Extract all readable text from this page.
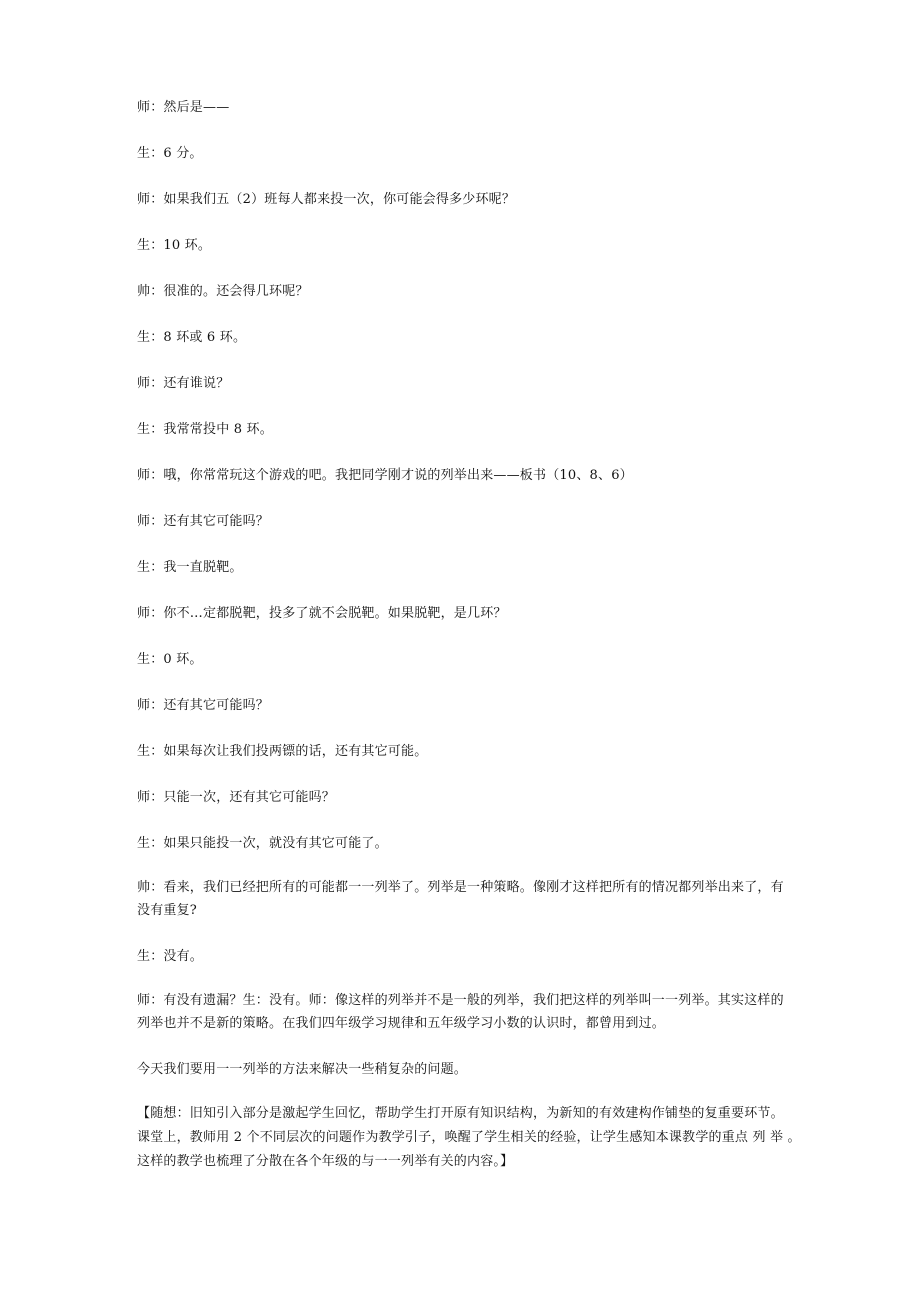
师：然后是——
生：6 分。
师：如果我们五（2）班每人都来投一次，你可能会得多少环呢？
生：10 环。
帅：很准的。还会得几环呢？
生：8 环或 6 环。
师：还有谁说？
生：我常常投中 8 环。
师：哦，你常常玩这个游戏的吧。我把同学刚才说的列举出来——板书（10、8、6）
师：还有其它可能吗？
生：我一直脱靶。
师：你不…定都脱靶，投多了就不会脱靶。如果脱靶，是几环？
生：0 环。
师：还有其它可能吗？
生：如果每次让我们投两镖的话，还有其它可能。
师：只能一次，还有其它可能吗？
生：如果只能投一次，就没有其它可能了。
帅：看来，我们已经把所有的可能都一一列举了。列举是一种策略。像刚才这样把所有的情况都列举出来了，有
没有重复?
生：没有。
师：有没有遗漏？生：没有。师：像这样的列举并不是一般的列举，我们把这样的列举叫一一列举。其实这样的
列举也并不是新的策略。在我们四年级学习规律和五年级学习小数的认识时，都曾用到过。
今天我们要用一一列举的方法来解决一些稍复杂的问题。
【随想：旧知引入部分是激起学生回忆，帮助学生打开原有知识结构，为新知的有效建构作铺垫的复重要环节。
课堂上，教师用 2 个不同层次的问题作为教学引子，唤醒了学生相关的经验，让学生感知本课教学的重点 列 举 。
这样的教学也梳理了分散在各个年级的与一一列举有关的内容。】
